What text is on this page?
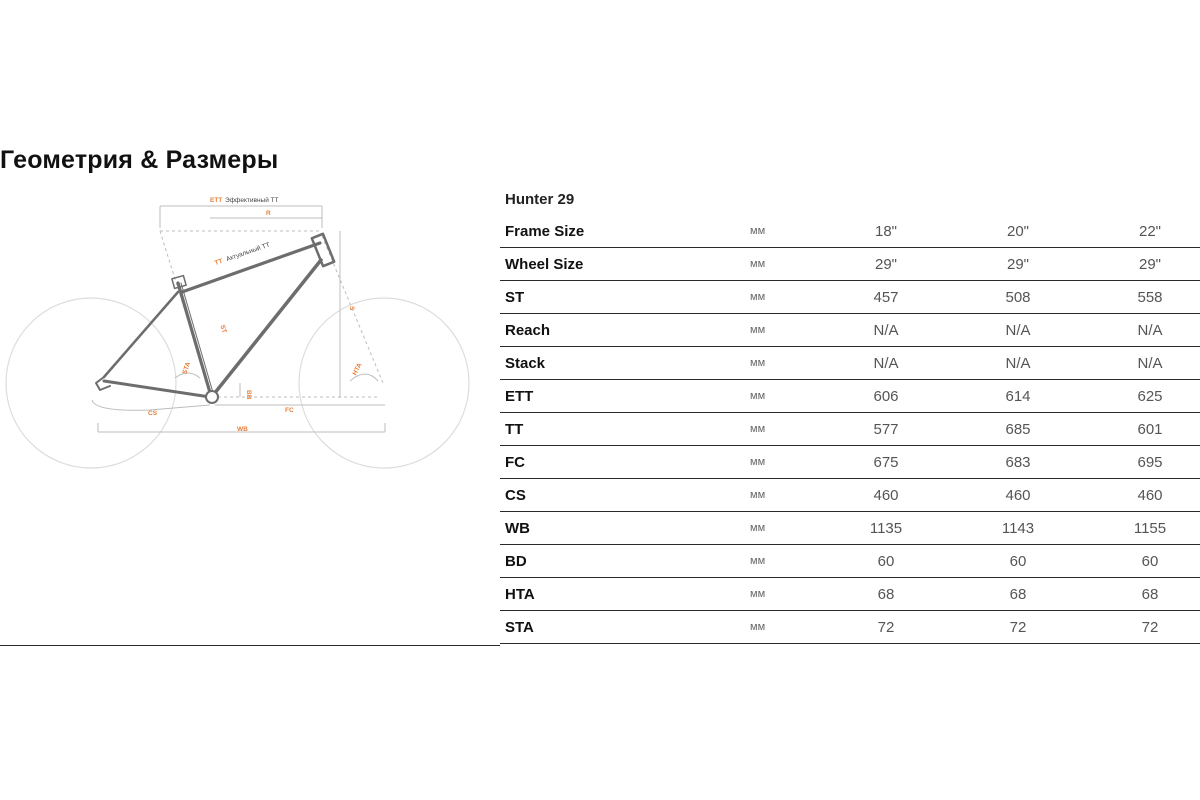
Геометрия & Размеры
ETT Эффективный ТТ
R
TT Актуальный ТТ
ST
S
STA	HTA
BB
CS	FC
WB
Hunter 29
Frame Size	мм	18"	20"	22"
Wheel Size	мм	29"	29"	29"
ST	мм	457	508	558
Reach	мм	N/A	N/A	N/A
Stack	мм	N/A	N/A	N/A
ETT	мм	606	614	625
TT	мм	577	685	601
FC	мм	675	683	695
CS	мм	460	460	460
WB	мм	1135	1143	1155
BD	мм	60	60	60
HTA	мм	68	68	68
STA	мм	72	72	72
